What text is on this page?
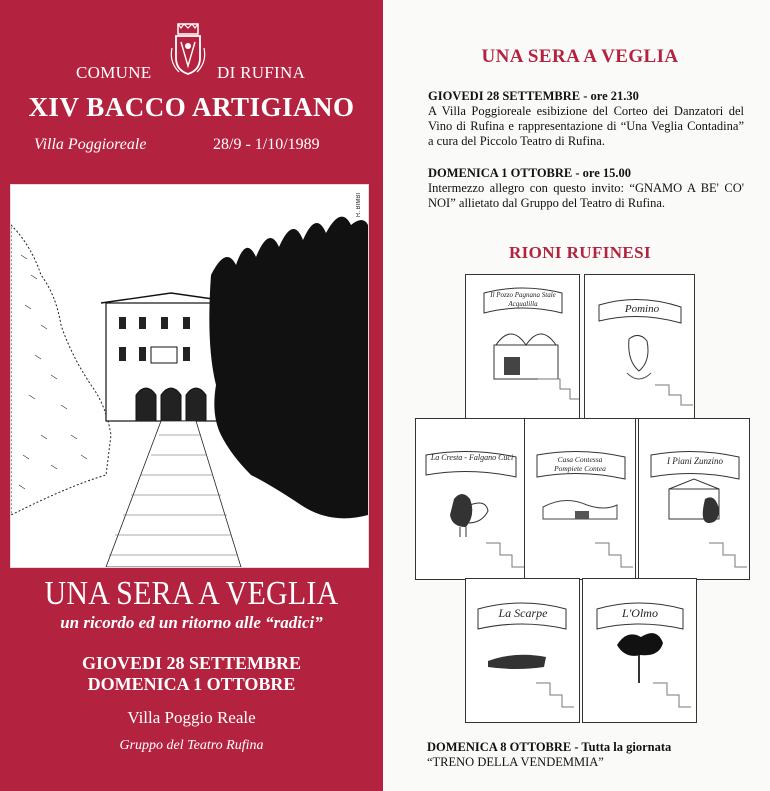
COMUNE	DI RUFINA
XIV BACCO ARTIGIANO
Villa Poggioreale	28/9 - 1/10/1989
R. BIMBI
UNA SERA A VEGLIA
un ricordo ed un ritorno alle “radici”
GIOVEDI 28 SETTEMBRE
DOMENICA 1 OTTOBRE
Villa Poggio Reale
Gruppo del Teatro Rufina
UNA SERA A VEGLIA
GIOVEDI 28 SETTEMBRE - ore 21.30
A Villa Poggioreale esibizione del Corteo dei Danzatori del Vino di Rufina e rappresentazione di “Una Veglia Contadina” a cura del Piccolo Teatro di Rufina.
DOMENICA 1 OTTOBRE - ore 15.00
Intermezzo allegro con questo invito: “GNAMO A BE' CO' NOI” allietato dal Gruppo del Teatro di Rufina.
RIONI RUFINESI
Il Pozzo Pagnana Stale Acqualilla	Pomino
La Cresta - Falgano Cuci	Casa Contessa Pompiete Contea
I Piani Zunzino
La Scarpe	L'Olmo
DOMENICA 8 OTTOBRE - Tutta la giornata
“TRENO DELLA VENDEMMIA”
